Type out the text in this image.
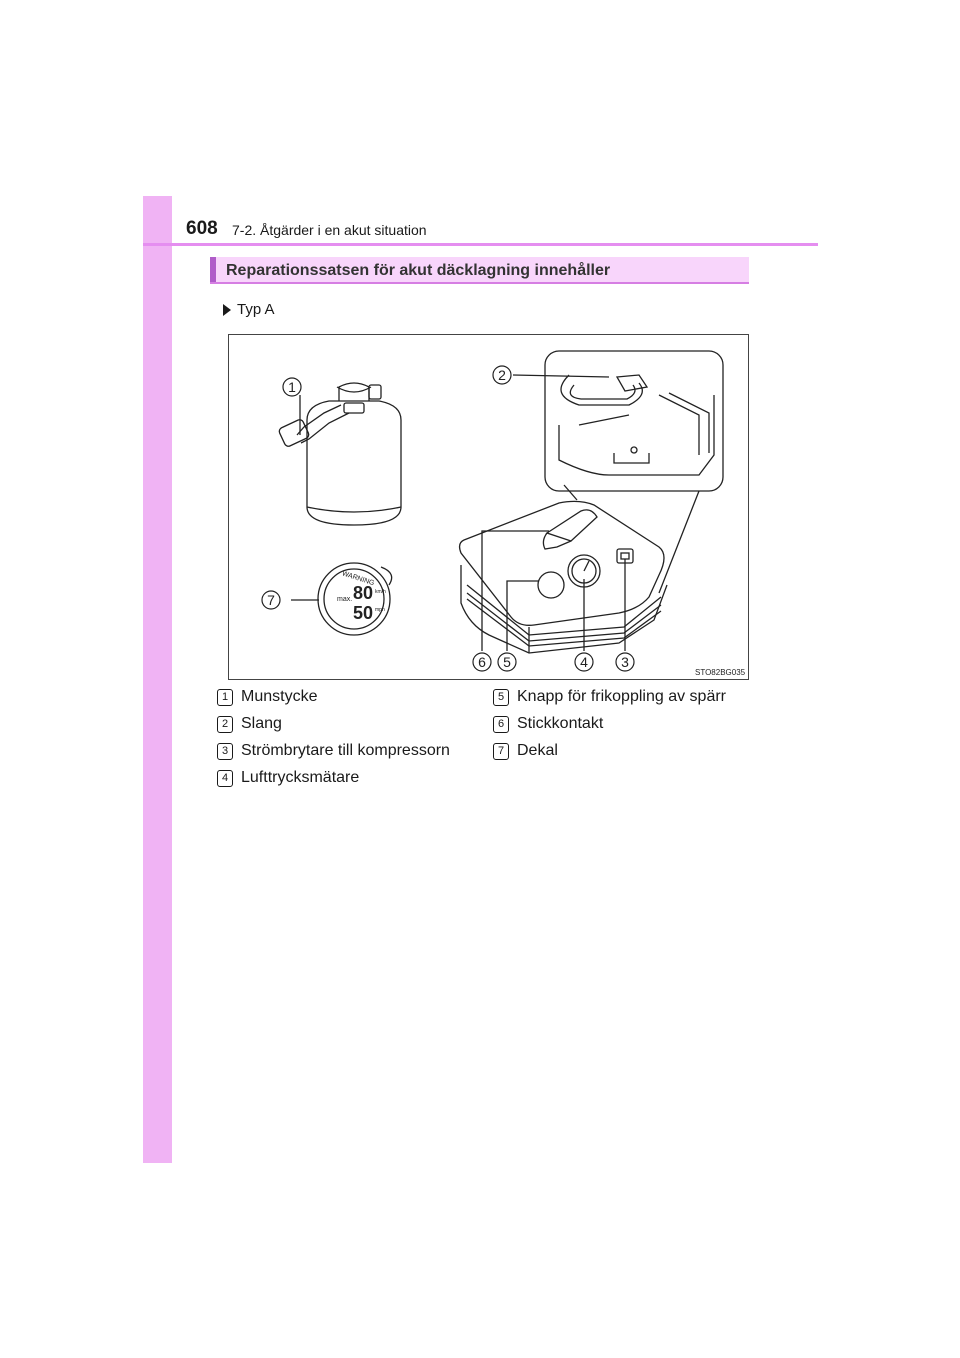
608 7-2. Åtgärder i en akut situation
Reparationssatsen för akut däcklagning innehåller
Typ A
1
2
3
4
5
6
7
WARNING
max. 80 km/h
50 mph
STO82BG035
1 Munstycke
2 Slang
3 Strömbrytare till kompressorn
4 Lufttrycksmätare
5 Knapp för frikoppling av spärr
6 Stickkontakt
7 Dekal
